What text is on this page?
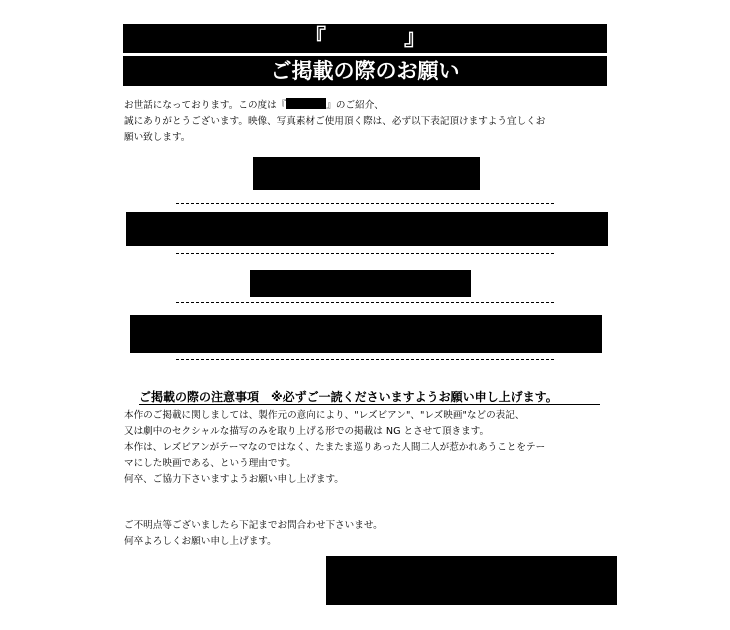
『	』
ご掲載の際のお願い
お世話になっております。この度は『	』のご紹介、
誠にありがとうございます。映像、写真素材ご使用頂く際は、必ず以下表記頂けますよう宜しくお
願い致します。
ご掲載の際の注意事項　※必ずご一読くださいますようお願い申し上げます。
本作のご掲載に関しましては、製作元の意向により、"レズビアン"、"レズ映画"などの表記、
又は劇中のセクシャルな描写のみを取り上げる形での掲載は NG とさせて頂きます。
本作は、レズビアンがテーマなのではなく、たまたま巡りあった人間二人が惹かれあうことをテー
マにした映画である、という理由です。
何卒、ご協力下さいますようお願い申し上げます。
ご不明点等ございましたら下記までお問合わせ下さいませ。
何卒よろしくお願い申し上げます。
